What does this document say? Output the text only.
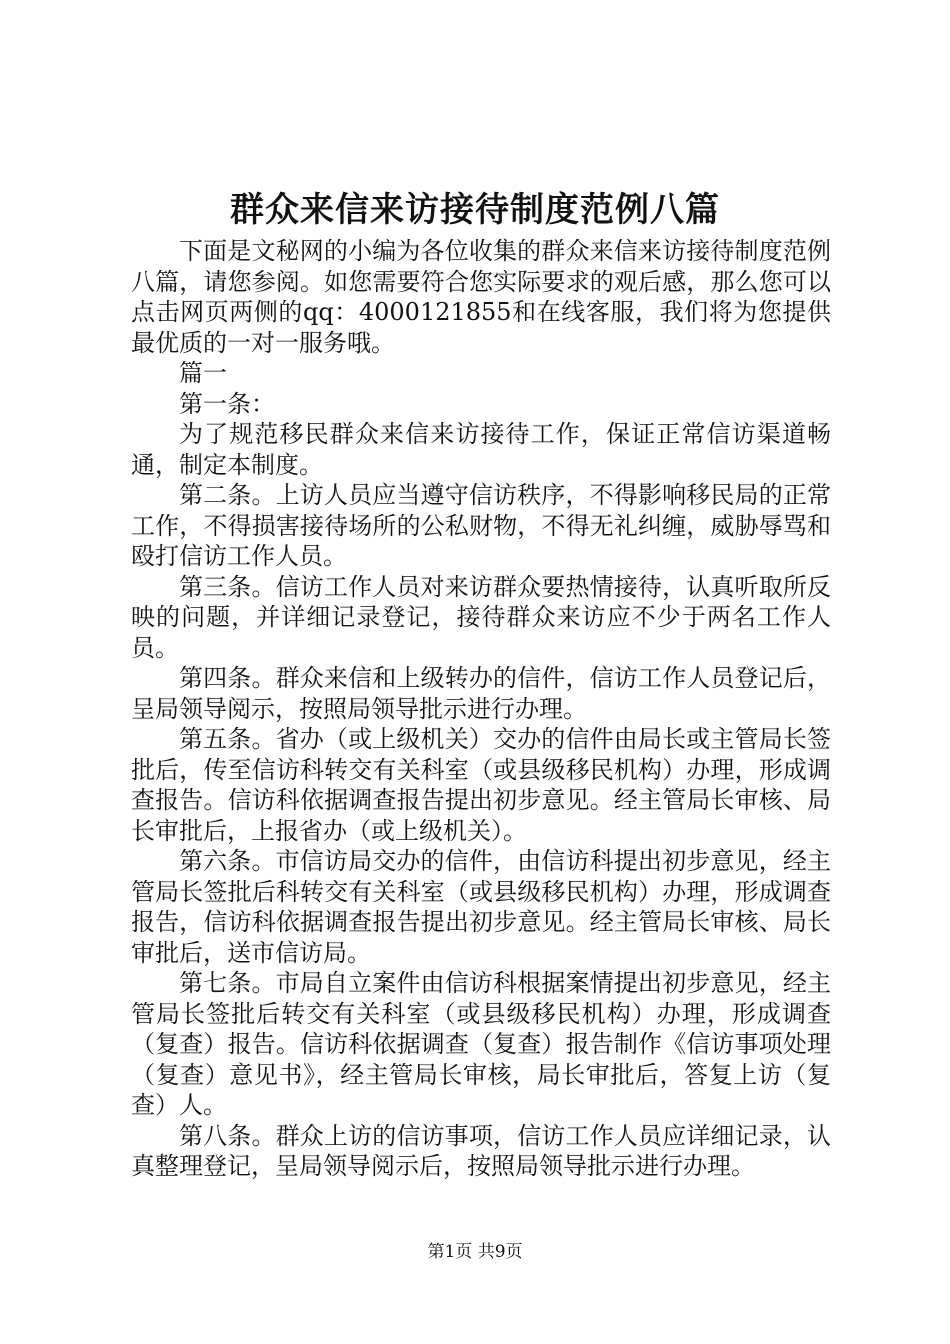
群众来信来访接待制度范例八篇

下面是文秘网的小编为各位收集的群众来信来访接待制度范例八篇，请您参阅。如您需要符合您实际要求的观后感，那么您可以点击网页两侧的qq：4000121855和在线客服，我们将为您提供最优质的一对一服务哦。

篇一

第一条：

为了规范移民群众来信来访接待工作，保证正常信访渠道畅通，制定本制度。

第二条。上访人员应当遵守信访秩序，不得影响移民局的正常工作，不得损害接待场所的公私财物，不得无礼纠缠，威胁辱骂和殴打信访工作人员。

第三条。信访工作人员对来访群众要热情接待，认真听取所反映的问题，并详细记录登记，接待群众来访应不少于两名工作人员。

第四条。群众来信和上级转办的信件，信访工作人员登记后，呈局领导阅示，按照局领导批示进行办理。

第五条。省办（或上级机关）交办的信件由局长或主管局长签批后，传至信访科转交有关科室（或县级移民机构）办理，形成调查报告。信访科依据调查报告提出初步意见。经主管局长审核、局长审批后，上报省办（或上级机关）。

第六条。市信访局交办的信件，由信访科提出初步意见，经主管局长签批后科转交有关科室（或县级移民机构）办理，形成调查报告，信访科依据调查报告提出初步意见。经主管局长审核、局长审批后，送市信访局。

第七条。市局自立案件由信访科根据案情提出初步意见，经主管局长签批后转交有关科室（或县级移民机构）办理，形成调查（复查）报告。信访科依据调查（复查）报告制作《信访事项处理（复查）意见书》，经主管局长审核，局长审批后，答复上访（复查）人。

第八条。群众上访的信访事项，信访工作人员应详细记录，认真整理登记，呈局领导阅示后，按照局领导批示进行办理。

第1页 共9页
